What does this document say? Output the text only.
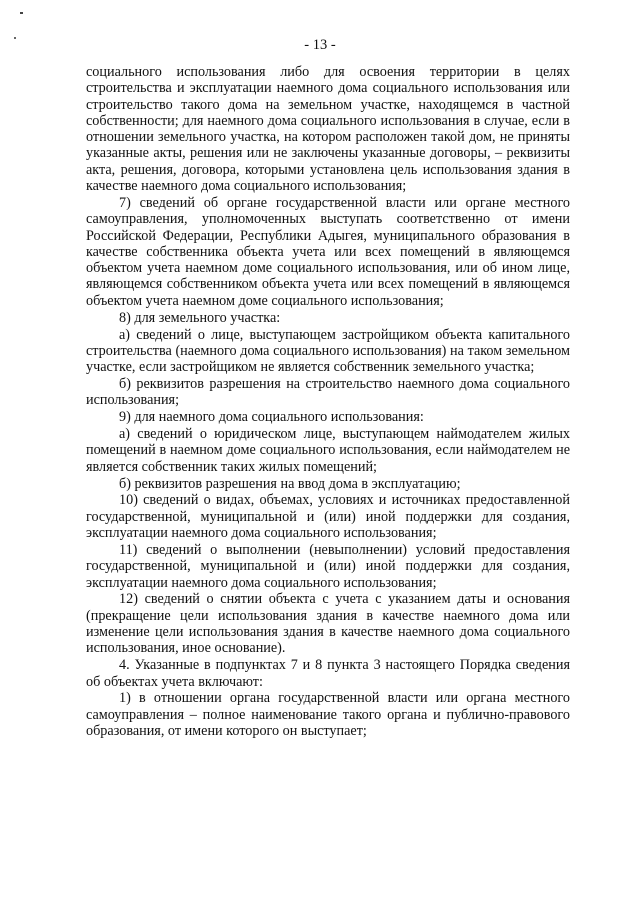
- 13 -

социального использования либо для освоения территории в целях строительства и эксплуатации наемного дома социального использования или строительство такого дома на земельном участке, находящемся в частной собственности; для наемного дома социального использования в случае, если в отношении земельного участка, на котором расположен такой дом, не приняты указанные акты, решения или не заключены указанные договоры, – реквизиты акта, решения, договора, которыми установлена цель использования здания в качестве наемного дома социального использования;

7) сведений об органе государственной власти или органе местного самоуправления, уполномоченных выступать соответственно от имени Российской Федерации, Республики Адыгея, муниципального образования в качестве собственника объекта учета или всех помещений в являющемся объектом учета наемном доме социального использования, или об ином лице, являющемся собственником объекта учета или всех помещений в являющемся объектом учета наемном доме социального использования;

8) для земельного участка:

а) сведений о лице, выступающем застройщиком объекта капитального строительства (наемного дома социального использования) на таком земельном участке, если застройщиком не является собственник земельного участка;

б) реквизитов разрешения на строительство наемного дома социального использования;

9) для наемного дома социального использования:

а) сведений о юридическом лице, выступающем наймодателем жилых помещений в наемном доме социального использования, если наймодателем не является собственник таких жилых помещений;

б) реквизитов разрешения на ввод дома в эксплуатацию;

10) сведений о видах, объемах, условиях и источниках предоставленной государственной, муниципальной и (или) иной поддержки для создания, эксплуатации наемного дома социального использования;

11) сведений о выполнении (невыполнении) условий предоставления государственной, муниципальной и (или) иной поддержки для создания, эксплуатации наемного дома социального использования;

12) сведений о снятии объекта с учета с указанием даты и основания (прекращение цели использования здания в качестве наемного дома или изменение цели использования здания в качестве наемного дома социального использования, иное основание).

4. Указанные в подпунктах 7 и 8 пункта 3 настоящего Порядка сведения об объектах учета включают:

1) в отношении органа государственной власти или органа местного самоуправления – полное наименование такого органа и публично-правового образования, от имени которого он выступает;
